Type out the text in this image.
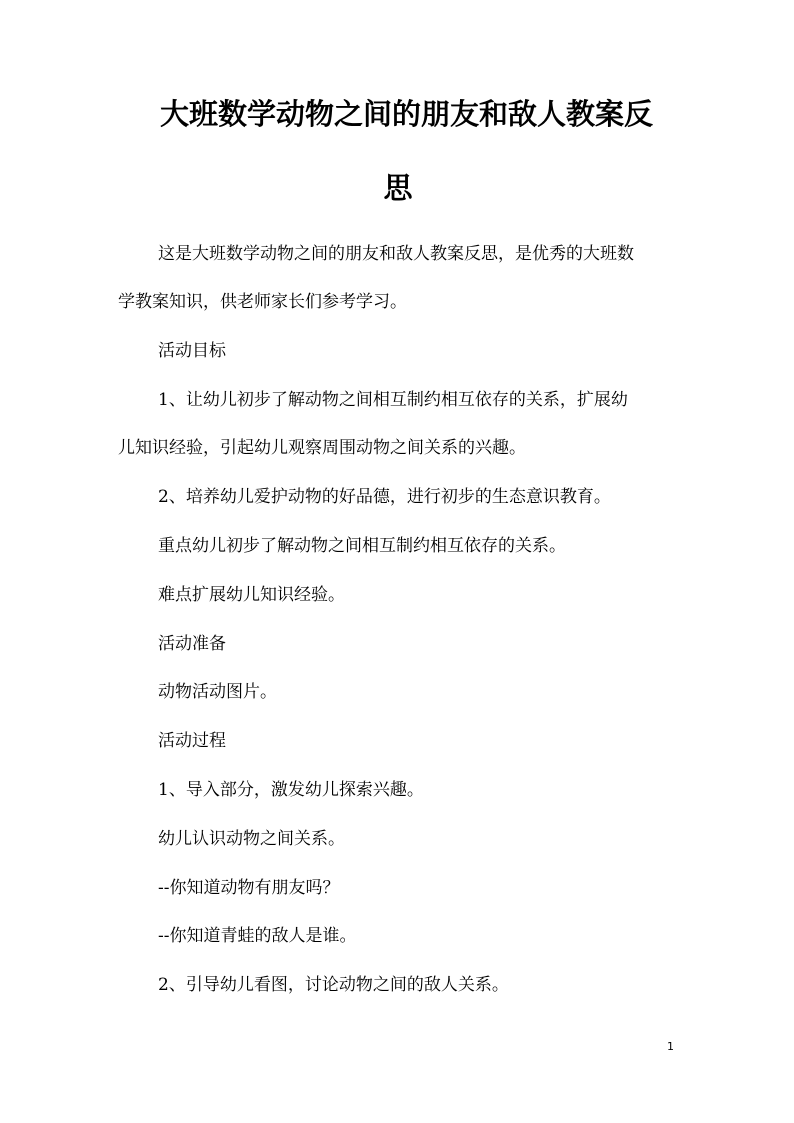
大班数学动物之间的朋友和敌人教案反
思

这是大班数学动物之间的朋友和敌人教案反思，是优秀的大班数

学教案知识，供老师家长们参考学习。

活动目标

1、让幼儿初步了解动物之间相互制约相互依存的关系，扩展幼

儿知识经验，引起幼儿观察周围动物之间关系的兴趣。

2、培养幼儿爱护动物的好品德，进行初步的生态意识教育。

重点幼儿初步了解动物之间相互制约相互依存的关系。

难点扩展幼儿知识经验。

活动准备

动物活动图片。

活动过程

1、导入部分，激发幼儿探索兴趣。

幼儿认识动物之间关系。

--你知道动物有朋友吗？

--你知道青蛙的敌人是谁。

2、引导幼儿看图，讨论动物之间的敌人关系。

1
